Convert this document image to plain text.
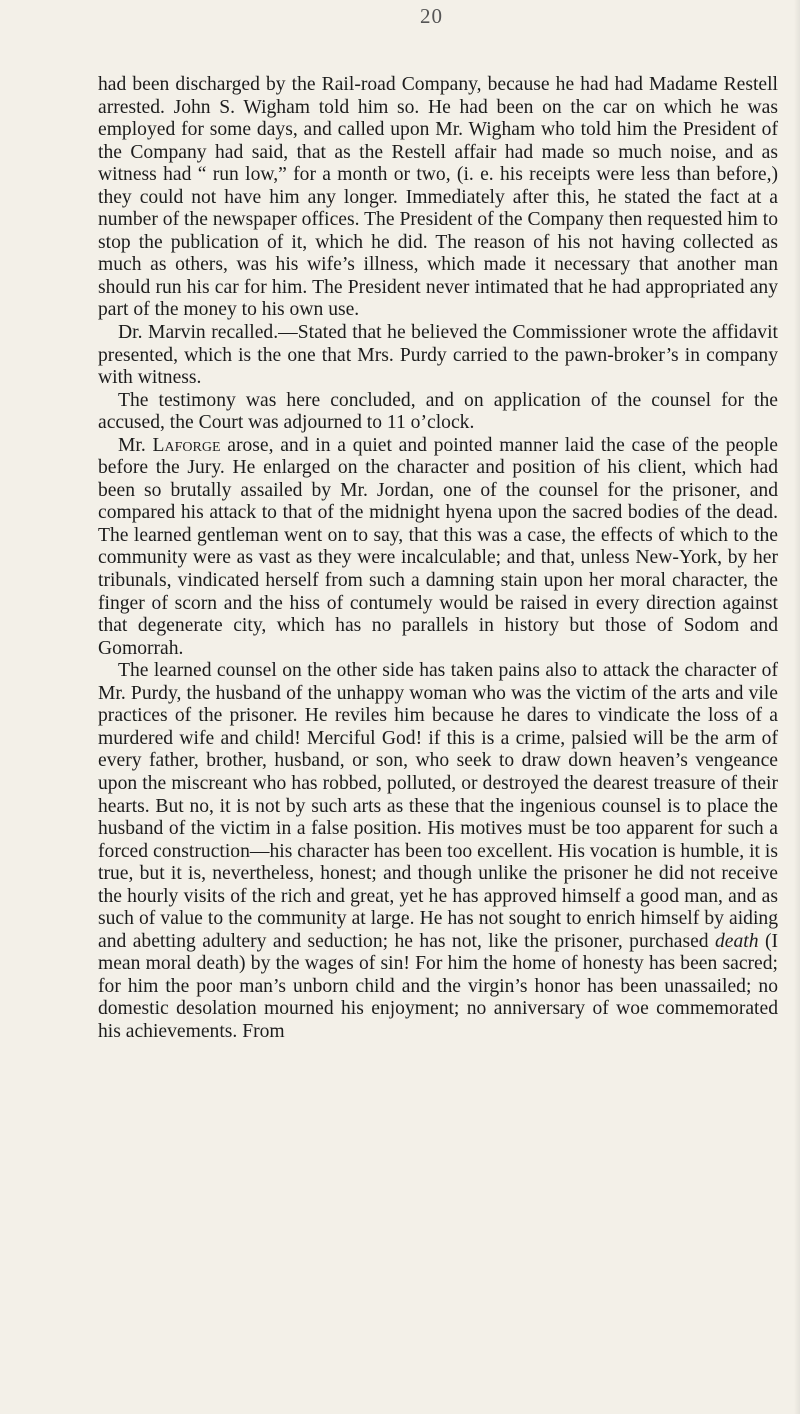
20

had been discharged by the Rail-road Company, because he had had Madame Restell arrested. John S. Wigham told him so. He had been on the car on which he was employed for some days, and called upon Mr. Wigham who told him the President of the Company had said, that as the Restell affair had made so much noise, and as witness had “ run low,” for a month or two, (i. e. his receipts were less than before,) they could not have him any longer. Immediately after this, he stated the fact at a number of the newspaper offices. The President of the Company then requested him to stop the publication of it, which he did. The reason of his not having collected as much as others, was his wife’s illness, which made it necessary that another man should run his car for him. The President never intimated that he had appropriated any part of the money to his own use.

Dr. Marvin recalled.—Stated that he believed the Commissioner wrote the affidavit presented, which is the one that Mrs. Purdy carried to the pawn-broker’s in company with witness.

The testimony was here concluded, and on application of the counsel for the accused, the Court was adjourned to 11 o’clock.

Mr. Laforge arose, and in a quiet and pointed manner laid the case of the people before the Jury. He enlarged on the character and position of his client, which had been so brutally assailed by Mr. Jordan, one of the counsel for the prisoner, and compared his attack to that of the midnight hyena upon the sacred bodies of the dead. The learned gentleman went on to say, that this was a case, the effects of which to the community were as vast as they were incalculable; and that, unless New-York, by her tribunals, vindicated herself from such a damning stain upon her moral character, the finger of scorn and the hiss of contumely would be raised in every direction against that degenerate city, which has no parallels in history but those of Sodom and Gomorrah.

The learned counsel on the other side has taken pains also to attack the character of Mr. Purdy, the husband of the unhappy woman who was the victim of the arts and vile practices of the prisoner. He reviles him because he dares to vindicate the loss of a murdered wife and child! Merciful God! if this is a crime, palsied will be the arm of every father, brother, husband, or son, who seek to draw down heaven’s vengeance upon the miscreant who has robbed, polluted, or destroyed the dearest treasure of their hearts. But no, it is not by such arts as these that the ingenious counsel is to place the husband of the victim in a false position. His motives must be too apparent for such a forced construction—his character has been too excellent. His vocation is humble, it is true, but it is, nevertheless, honest; and though unlike the prisoner he did not receive the hourly visits of the rich and great, yet he has approved himself a good man, and as such of value to the community at large. He has not sought to enrich himself by aiding and abetting adultery and seduction; he has not, like the prisoner, purchased death (I mean moral death) by the wages of sin! For him the home of honesty has been sacred; for him the poor man’s unborn child and the virgin’s honor has been unassailed; no domestic desolation mourned his enjoyment; no anniversary of woe commemorated his achievements. From
